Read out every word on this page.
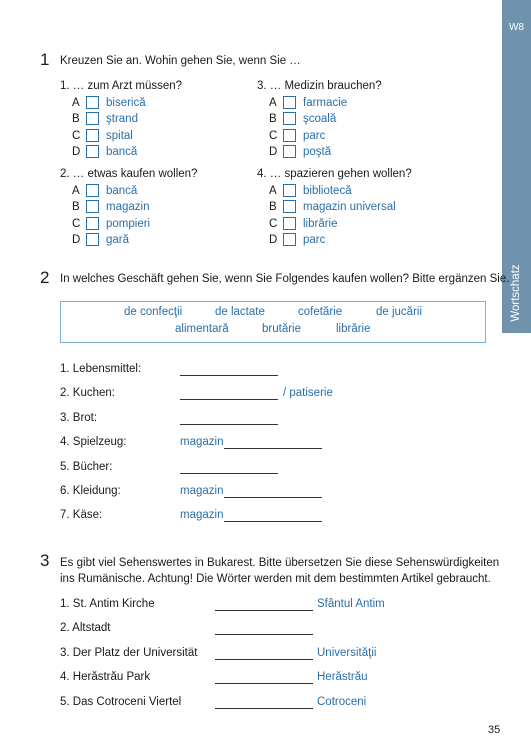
W8
Wortschatz
1 Kreuzen Sie an. Wohin gehen Sie, wenn Sie …
1. … zum Arzt müssen?
A	biserică
B	ştrand
C	spital
D	bancă
2. … etwas kaufen wollen?
A	bancă
B	magazin
C	pompieri
D	gară
3. … Medizin brauchen?
A	farmacie
B	şcoală
C	parc
D	poştă
4. … spazieren gehen wollen?
A	bibliotecă
B	magazin universal
C	librărie
D	parc
2 In welches Geschäft gehen Sie, wenn Sie Folgendes kaufen wollen? Bitte ergänzen Sie.
de confecţii	de lactate	cofetărie	de jucării
alimentară	brutărie	librărie
1. Lebensmittel:
2. Kuchen:	/ patiserie
3. Brot:
4. Spielzeug:	magazin
5. Bücher:
6. Kleidung:	magazin
7. Käse:	magazin
3 Es gibt viel Sehenswertes in Bukarest. Bitte übersetzen Sie diese Sehenswürdigkeiten
ins Rumänische. Achtung! Die Wörter werden mit dem bestimmten Artikel gebraucht.
1. St. Antim Kirche	Sfântul Antim
2. Altstadt
3. Der Platz der Universität	Universităţii
4. Herăstrău Park	Herăstrău
5. Das Cotroceni Viertel	Cotroceni
35
